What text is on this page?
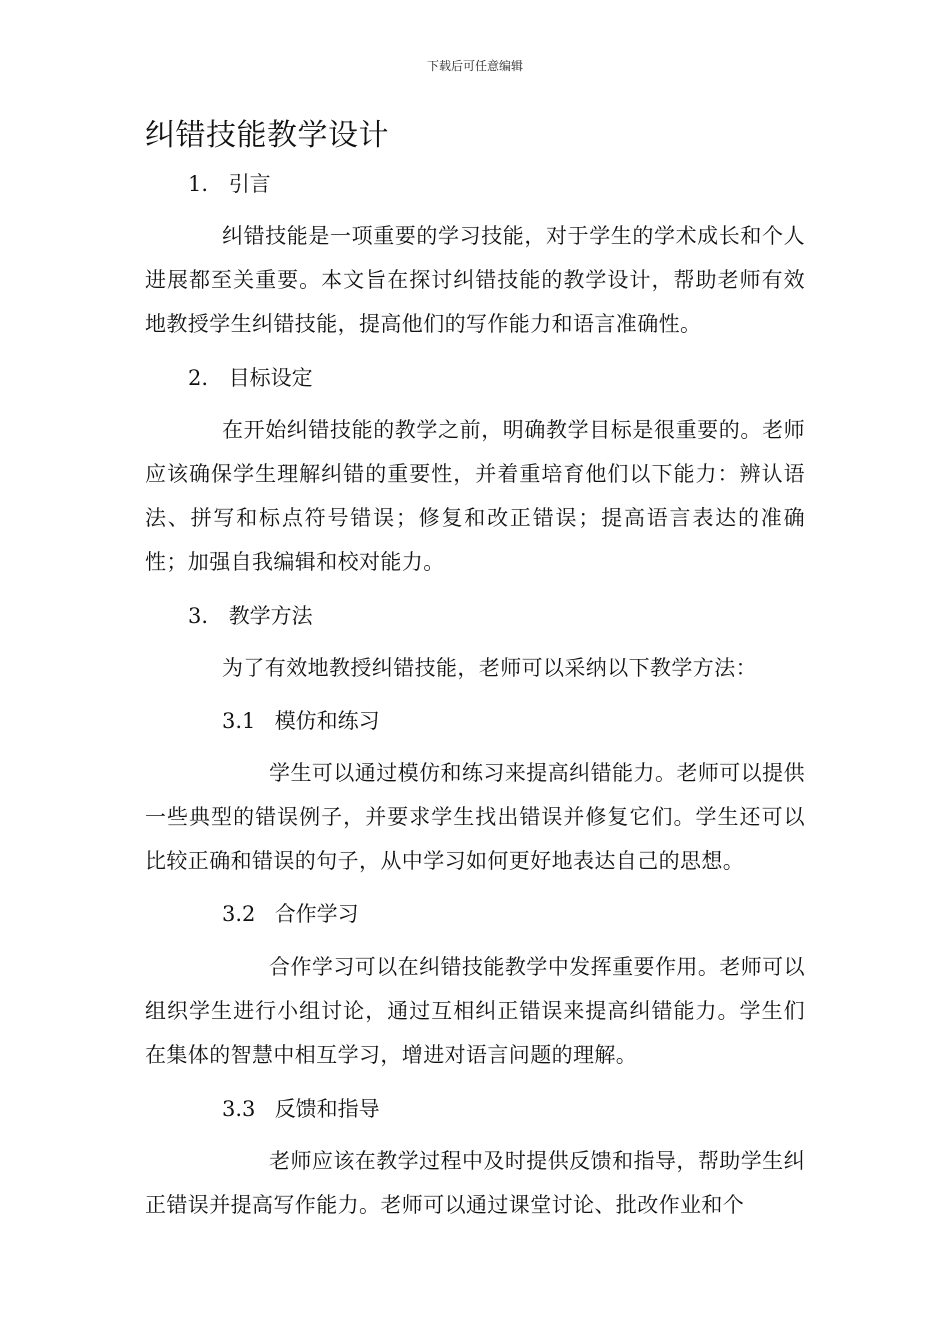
下载后可任意编辑
纠错技能教学设计
1. 引言

纠错技能是一项重要的学习技能，对于学生的学术成长和个人进展都至关重要。本文旨在探讨纠错技能的教学设计，帮助老师有效地教授学生纠错技能，提高他们的写作能力和语言准确性。

2. 目标设定

在开始纠错技能的教学之前，明确教学目标是很重要的。老师应该确保学生理解纠错的重要性，并着重培育他们以下能力：辨认语法、拼写和标点符号错误；修复和改正错误；提高语言表达的准确性；加强自我编辑和校对能力。

3. 教学方法

为了有效地教授纠错技能，老师可以采纳以下教学方法：

3.1 模仿和练习

学生可以通过模仿和练习来提高纠错能力。老师可以提供一些典型的错误例子，并要求学生找出错误并修复它们。学生还可以比较正确和错误的句子，从中学习如何更好地表达自己的思想。

3.2 合作学习

合作学习可以在纠错技能教学中发挥重要作用。老师可以组织学生进行小组讨论，通过互相纠正错误来提高纠错能力。学生们在集体的智慧中相互学习，增进对语言问题的理解。

3.3 反馈和指导

老师应该在教学过程中及时提供反馈和指导，帮助学生纠正错误并提高写作能力。老师可以通过课堂讨论、批改作业和个
